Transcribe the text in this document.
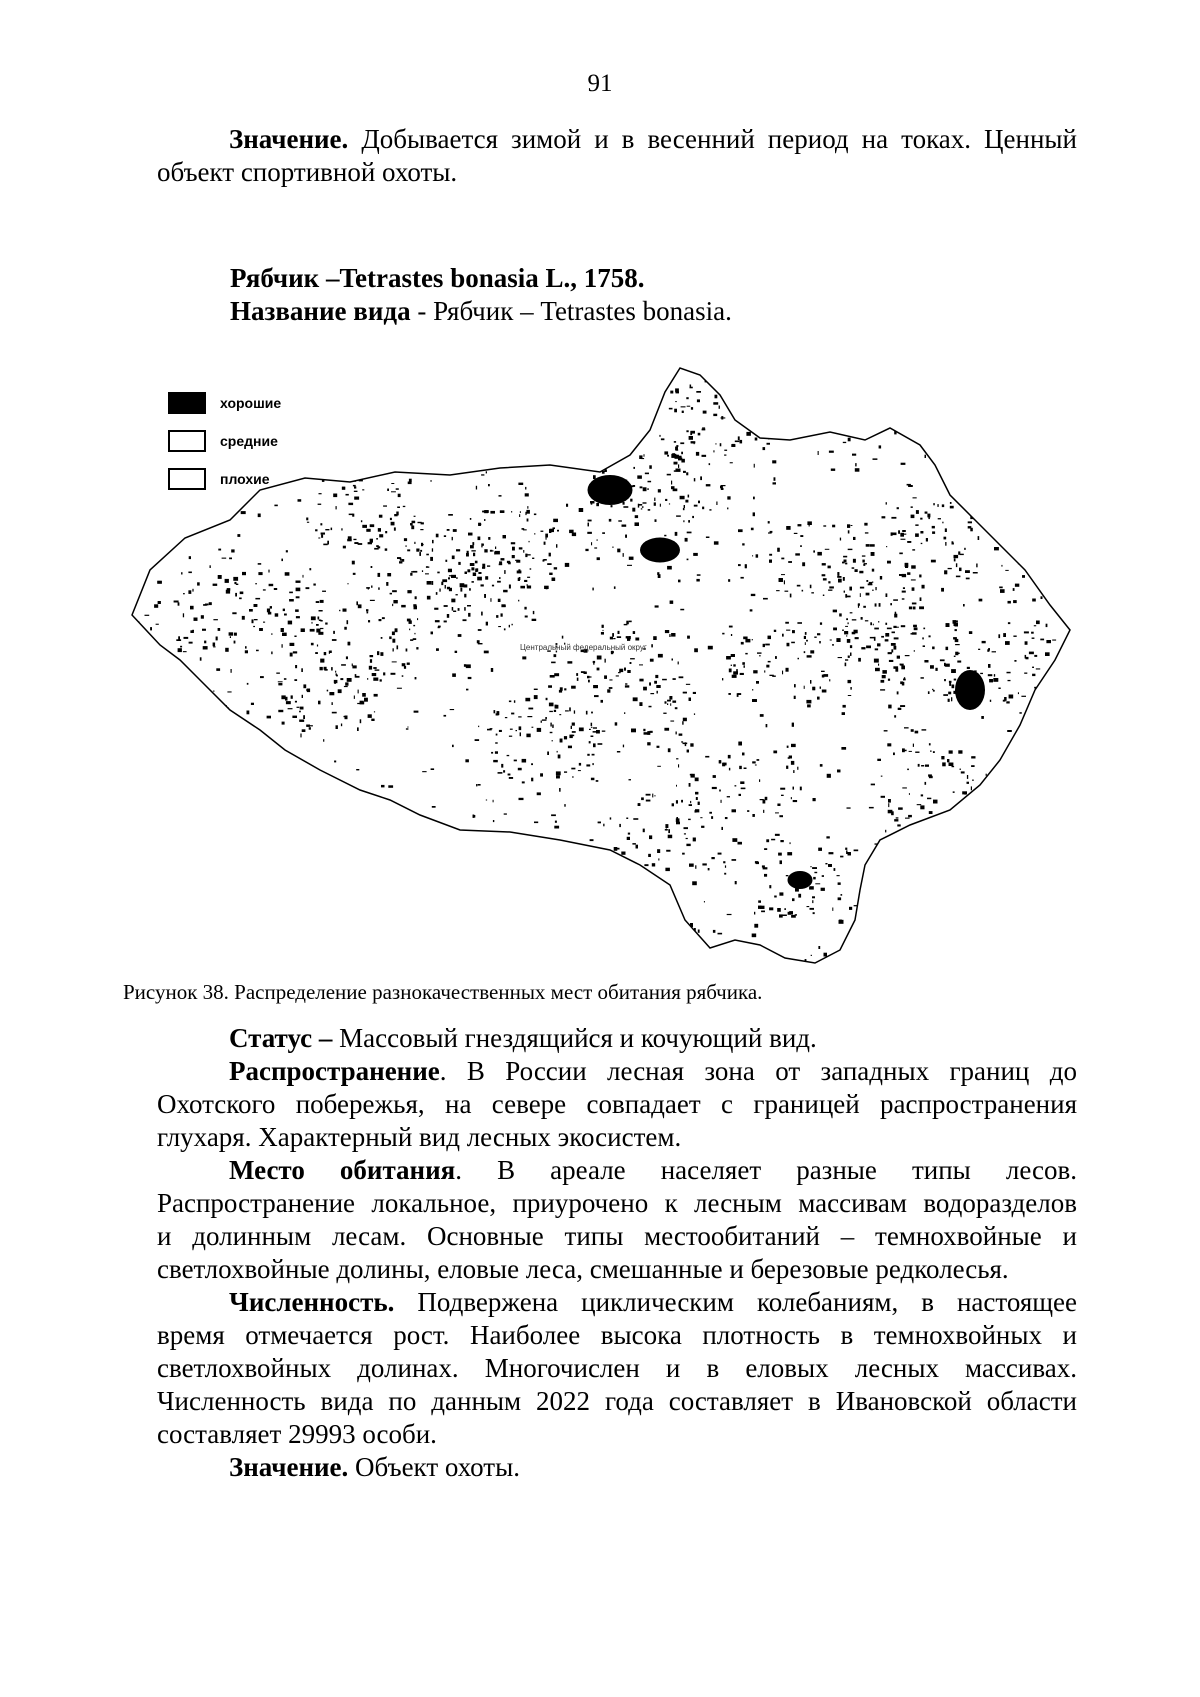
91

Значение. Добывается зимой и в весенний период на токах. Ценный
объект спортивной охоты.

Рябчик –Tetrastes bonasia L., 1758.

Название вида - Рябчик – Tetrastes bonasia.

Центральный федеральный округ
хорошие
средние
плохие
Рисунок 38. Распределение разнокачественных мест обитания рябчика.

Статус – Массовый гнездящийся и кочующий вид.

Распространение. В России лесная зона от западных границ до
Охотского побережья, на севере совпадает с границей распространения
глухаря. Характерный вид лесных экосистем.

Место обитания. В ареале населяет разные типы лесов.
Распространение локальное, приурочено к лесным массивам водоразделов
и долинным лесам. Основные типы местообитаний – темнохвойные и
светлохвойные долины, еловые леса, смешанные и березовые редколесья.

Численность. Подвержена циклическим колебаниям, в настоящее
время отмечается рост. Наиболее высока плотность в темнохвойных и
светлохвойных долинах. Многочислен и в еловых лесных массивах.
Численность вида по данным 2022 года составляет в Ивановской области
составляет 29993 особи.

Значение. Объект охоты.
